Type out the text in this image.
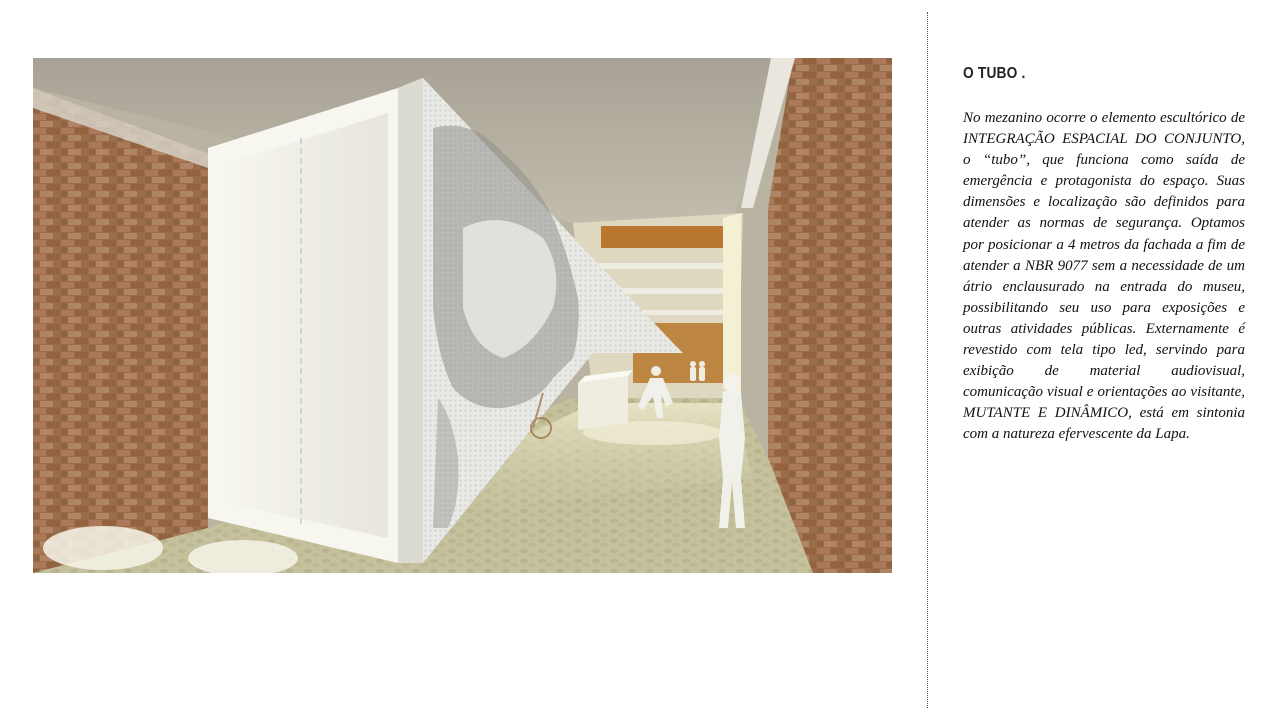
O TUBO .

No mezanino ocorre o elemento escultórico de INTEGRAÇÃO ESPACIAL DO CONJUNTO, o “tubo”, que funciona como saída de emergência e protagonista do espaço. Suas dimensões e localização são definidos para atender as normas de segurança. Optamos por posicionar a 4 metros da fachada a fim de atender a NBR 9077 sem a necessidade de um átrio enclausurado na entrada do museu, possibilitando seu uso para exposições e outras atividades públicas. Externamente é revestido com tela tipo led, servindo para exibição de material audiovisual, comunicação visual e orientações ao visitante, MUTANTE E DINÂMICO, está em sintonia com a natureza efervescente da Lapa.
